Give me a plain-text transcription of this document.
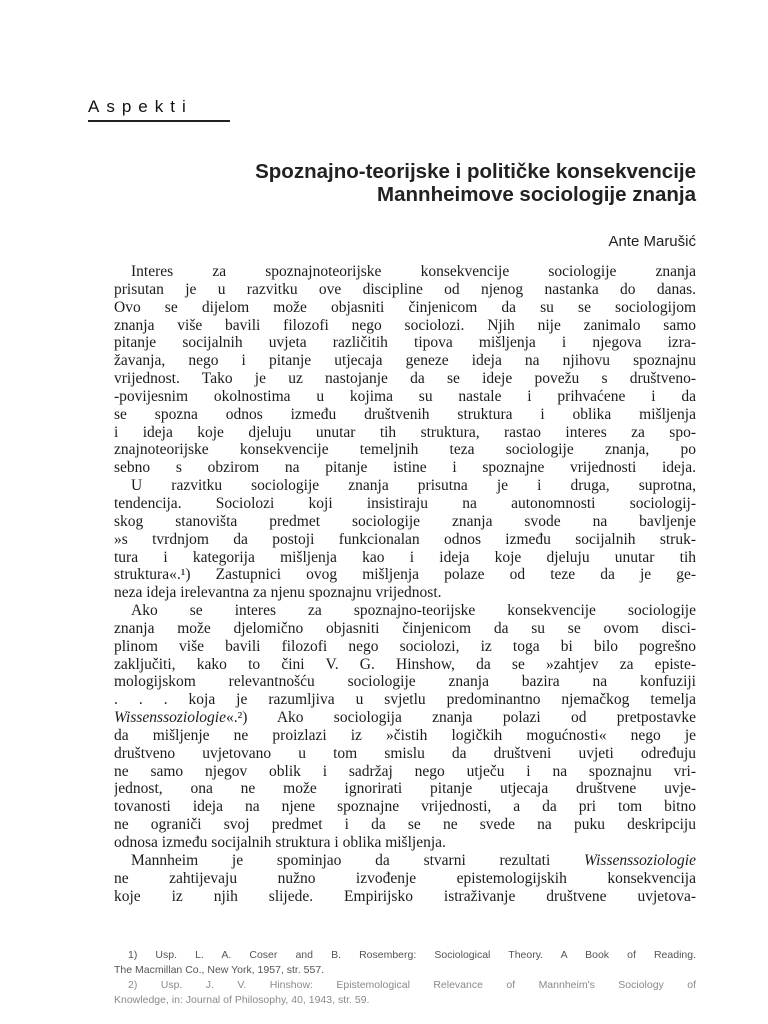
Aspekti
Spoznajno-teorijske i političke konsekvencije
Mannheimove sociologije znanja
Ante Marušić

Interes za spoznajnoteorijske konsekvencije sociologije znanja

prisutan je u razvitku ove discipline od njenog nastanka do danas.

Ovo se dijelom može objasniti činjenicom da su se sociologijom

znanja više bavili filozofi nego sociolozi. Njih nije zanimalo samo

pitanje socijalnih uvjeta različitih tipova mišljenja i njegova izra-

žavanja, nego i pitanje utjecaja geneze ideja na njihovu spoznajnu

vrijednost. Tako je uz nastojanje da se ideje povežu s društveno-

-povijesnim okolnostima u kojima su nastale i prihvaćene i da

se spozna odnos između društvenih struktura i oblika mišljenja

i ideja koje djeluju unutar tih struktura, rastao interes za spo-

znajnoteorijske konsekvencije temeljnih teza sociologije znanja, po

sebno s obzirom na pitanje istine i spoznajne vrijednosti ideja.

U razvitku sociologije znanja prisutna je i druga, suprotna,

tendencija. Sociolozi koji insistiraju na autonomnosti sociologij-

skog stanovišta predmet sociologije znanja svode na bavljenje

»s tvrdnjom da postoji funkcionalan odnos između socijalnih struk-

tura i kategorija mišljenja kao i ideja koje djeluju unutar tih

struktura«.¹) Zastupnici ovog mišljenja polaze od teze da je ge-

neza ideja irelevantna za njenu spoznajnu vrijednost.

Ako se interes za spoznajno-teorijske konsekvencije sociologije

znanja može djelomično objasniti činjenicom da su se ovom disci-

plinom više bavili filozofi nego sociolozi, iz toga bi bilo pogrešno

zaključiti, kako to čini V. G. Hinshow, da se »zahtjev za episte-

mologijskom relevantnošću sociologije znanja bazira na konfuziji

. . . koja je razumljiva u svjetlu predominantno njemačkog temelja

Wissenssoziologie«.²) Ako sociologija znanja polazi od pretpostavke

da mišljenje ne proizlazi iz »čistih logičkih mogućnosti« nego je

društveno uvjetovano u tom smislu da društveni uvjeti određuju

ne samo njegov oblik i sadržaj nego utječu i na spoznajnu vri-

jednost, ona ne može ignorirati pitanje utjecaja društvene uvje-

tovanosti ideja na njene spoznajne vrijednosti, a da pri tom bitno

ne ograniči svoj predmet i da se ne svede na puku deskripciju

odnosa između socijalnih struktura i oblika mišljenja.

Mannheim je spominjao da stvarni rezultati Wissenssoziologie

ne zahtijevaju nužno izvođenje epistemologijskih konsekvencija

koje iz njih slijede. Empirijsko istraživanje društvene uvjetova-

1) Usp. L. A. Coser and B. Rosemberg: Sociological Theory. A Book of Reading.

The Macmillan Co., New York, 1957, str. 557.

2) Usp. J. V. Hinshow: Epistemological Relevance of Mannheim's Sociology of

Knowledge, in: Journal of Philosophy, 40, 1943, str. 59.
